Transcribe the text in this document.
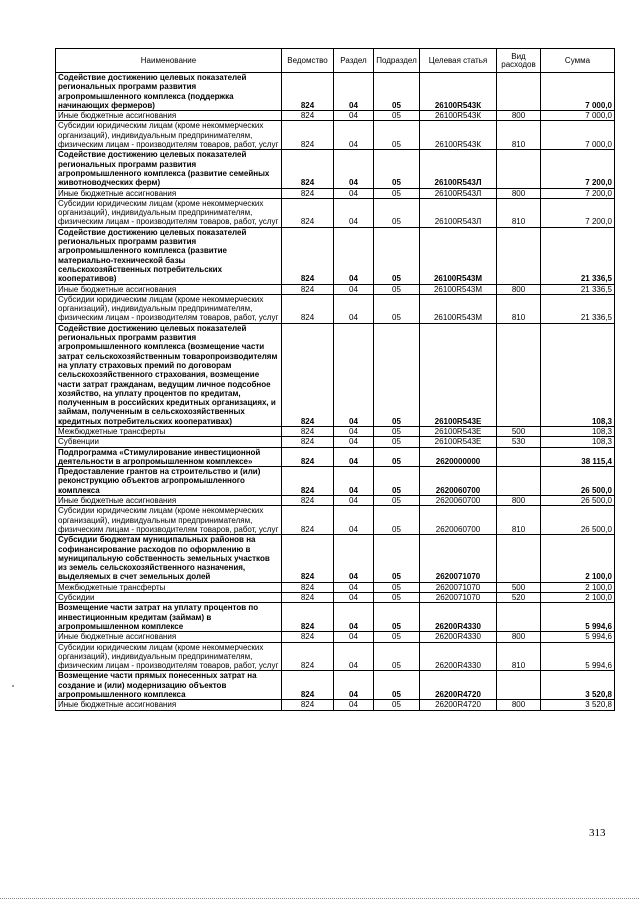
Наименование	Ведомство	Раздел	Подраздел	Целевая статья	Вид расходов	Сумма
Содействие достижению целевых показателей региональных программ развития агропромышленного комплекса (поддержка начинающих фермеров)	824	04	05	26100R543К		7 000,0
Иные бюджетные ассигнования	824	04	05	26100R543К	800	7 000,0
Субсидии юридическим лицам (кроме некоммерческих организаций), индивидуальным предпринимателям, физическим лицам - производителям товаров, работ, услуг	824	04	05	26100R543К	810	7 000,0
Содействие достижению целевых показателей региональных программ развития агропромышленного комплекса (развитие семейных животноводческих ферм)	824	04	05	26100R543Л		7 200,0
Иные бюджетные ассигнования	824	04	05	26100R543Л	800	7 200,0
Субсидии юридическим лицам (кроме некоммерческих организаций), индивидуальным предпринимателям, физическим лицам - производителям товаров, работ, услуг	824	04	05	26100R543Л	810	7 200,0
Содействие достижению целевых показателей региональных программ развития агропромышленного комплекса (развитие материально-технической базы сельскохозяйственных потребительских кооперативов)	824	04	05	26100R543М		21 336,5
Иные бюджетные ассигнования	824	04	05	26100R543М	800	21 336,5
Субсидии юридическим лицам (кроме некоммерческих организаций), индивидуальным предпринимателям, физическим лицам - производителям товаров, работ, услуг	824	04	05	26100R543М	810	21 336,5
Содействие достижению целевых показателей региональных программ развития агропромышленного комплекса (возмещение части затрат сельскохозяйственным товаропроизводителям на уплату страховых премий по договорам сельскохозяйственного страхования, возмещение части затрат гражданам, ведущим личное подсобное хозяйство, на уплату процентов по кредитам, полученным в российских кредитных организациях, и займам, полученным в сельскохозяйственных кредитных потребительских кооперативах)	824	04	05	26100R543Е		108,3
Межбюджетные трансферты	824	04	05	26100R543Е	500	108,3
Субвенции	824	04	05	26100R543Е	530	108,3
Подпрограмма «Стимулирование инвестиционной деятельности в агропромышленном комплексе»	824	04	05	2620000000		38 115,4
Предоставление грантов на строительство и (или) реконструкцию объектов агропромышленного комплекса	824	04	05	2620060700		26 500,0
Иные бюджетные ассигнования	824	04	05	2620060700	800	26 500,0
Субсидии юридическим лицам (кроме некоммерческих организаций), индивидуальным предпринимателям, физическим лицам - производителям товаров, работ, услуг	824	04	05	2620060700	810	26 500,0
Субсидии бюджетам муниципальных районов на софинансирование расходов по оформлению в муниципальную собственность земельных участков из земель сельскохозяйственного назначения, выделяемых в счет земельных долей	824	04	05	2620071070		2 100,0
Межбюджетные трансферты	824	04	05	2620071070	500	2 100,0
Субсидии	824	04	05	2620071070	520	2 100,0
Возмещение части затрат на уплату процентов по инвестиционным кредитам (займам) в агропромышленном комплексе	824	04	05	26200R4330		5 994,6
Иные бюджетные ассигнования	824	04	05	26200R4330	800	5 994,6
Субсидии юридическим лицам (кроме некоммерческих организаций), индивидуальным предпринимателям, физическим лицам - производителям товаров, работ, услуг	824	04	05	26200R4330	810	5 994,6
Возмещение части прямых понесенных затрат на создание и (или) модернизацию объектов агропромышленного комплекса	824	04	05	26200R4720		3 520,8
Иные бюджетные ассигнования	824	04	05	26200R4720	800	3 520,8
313
